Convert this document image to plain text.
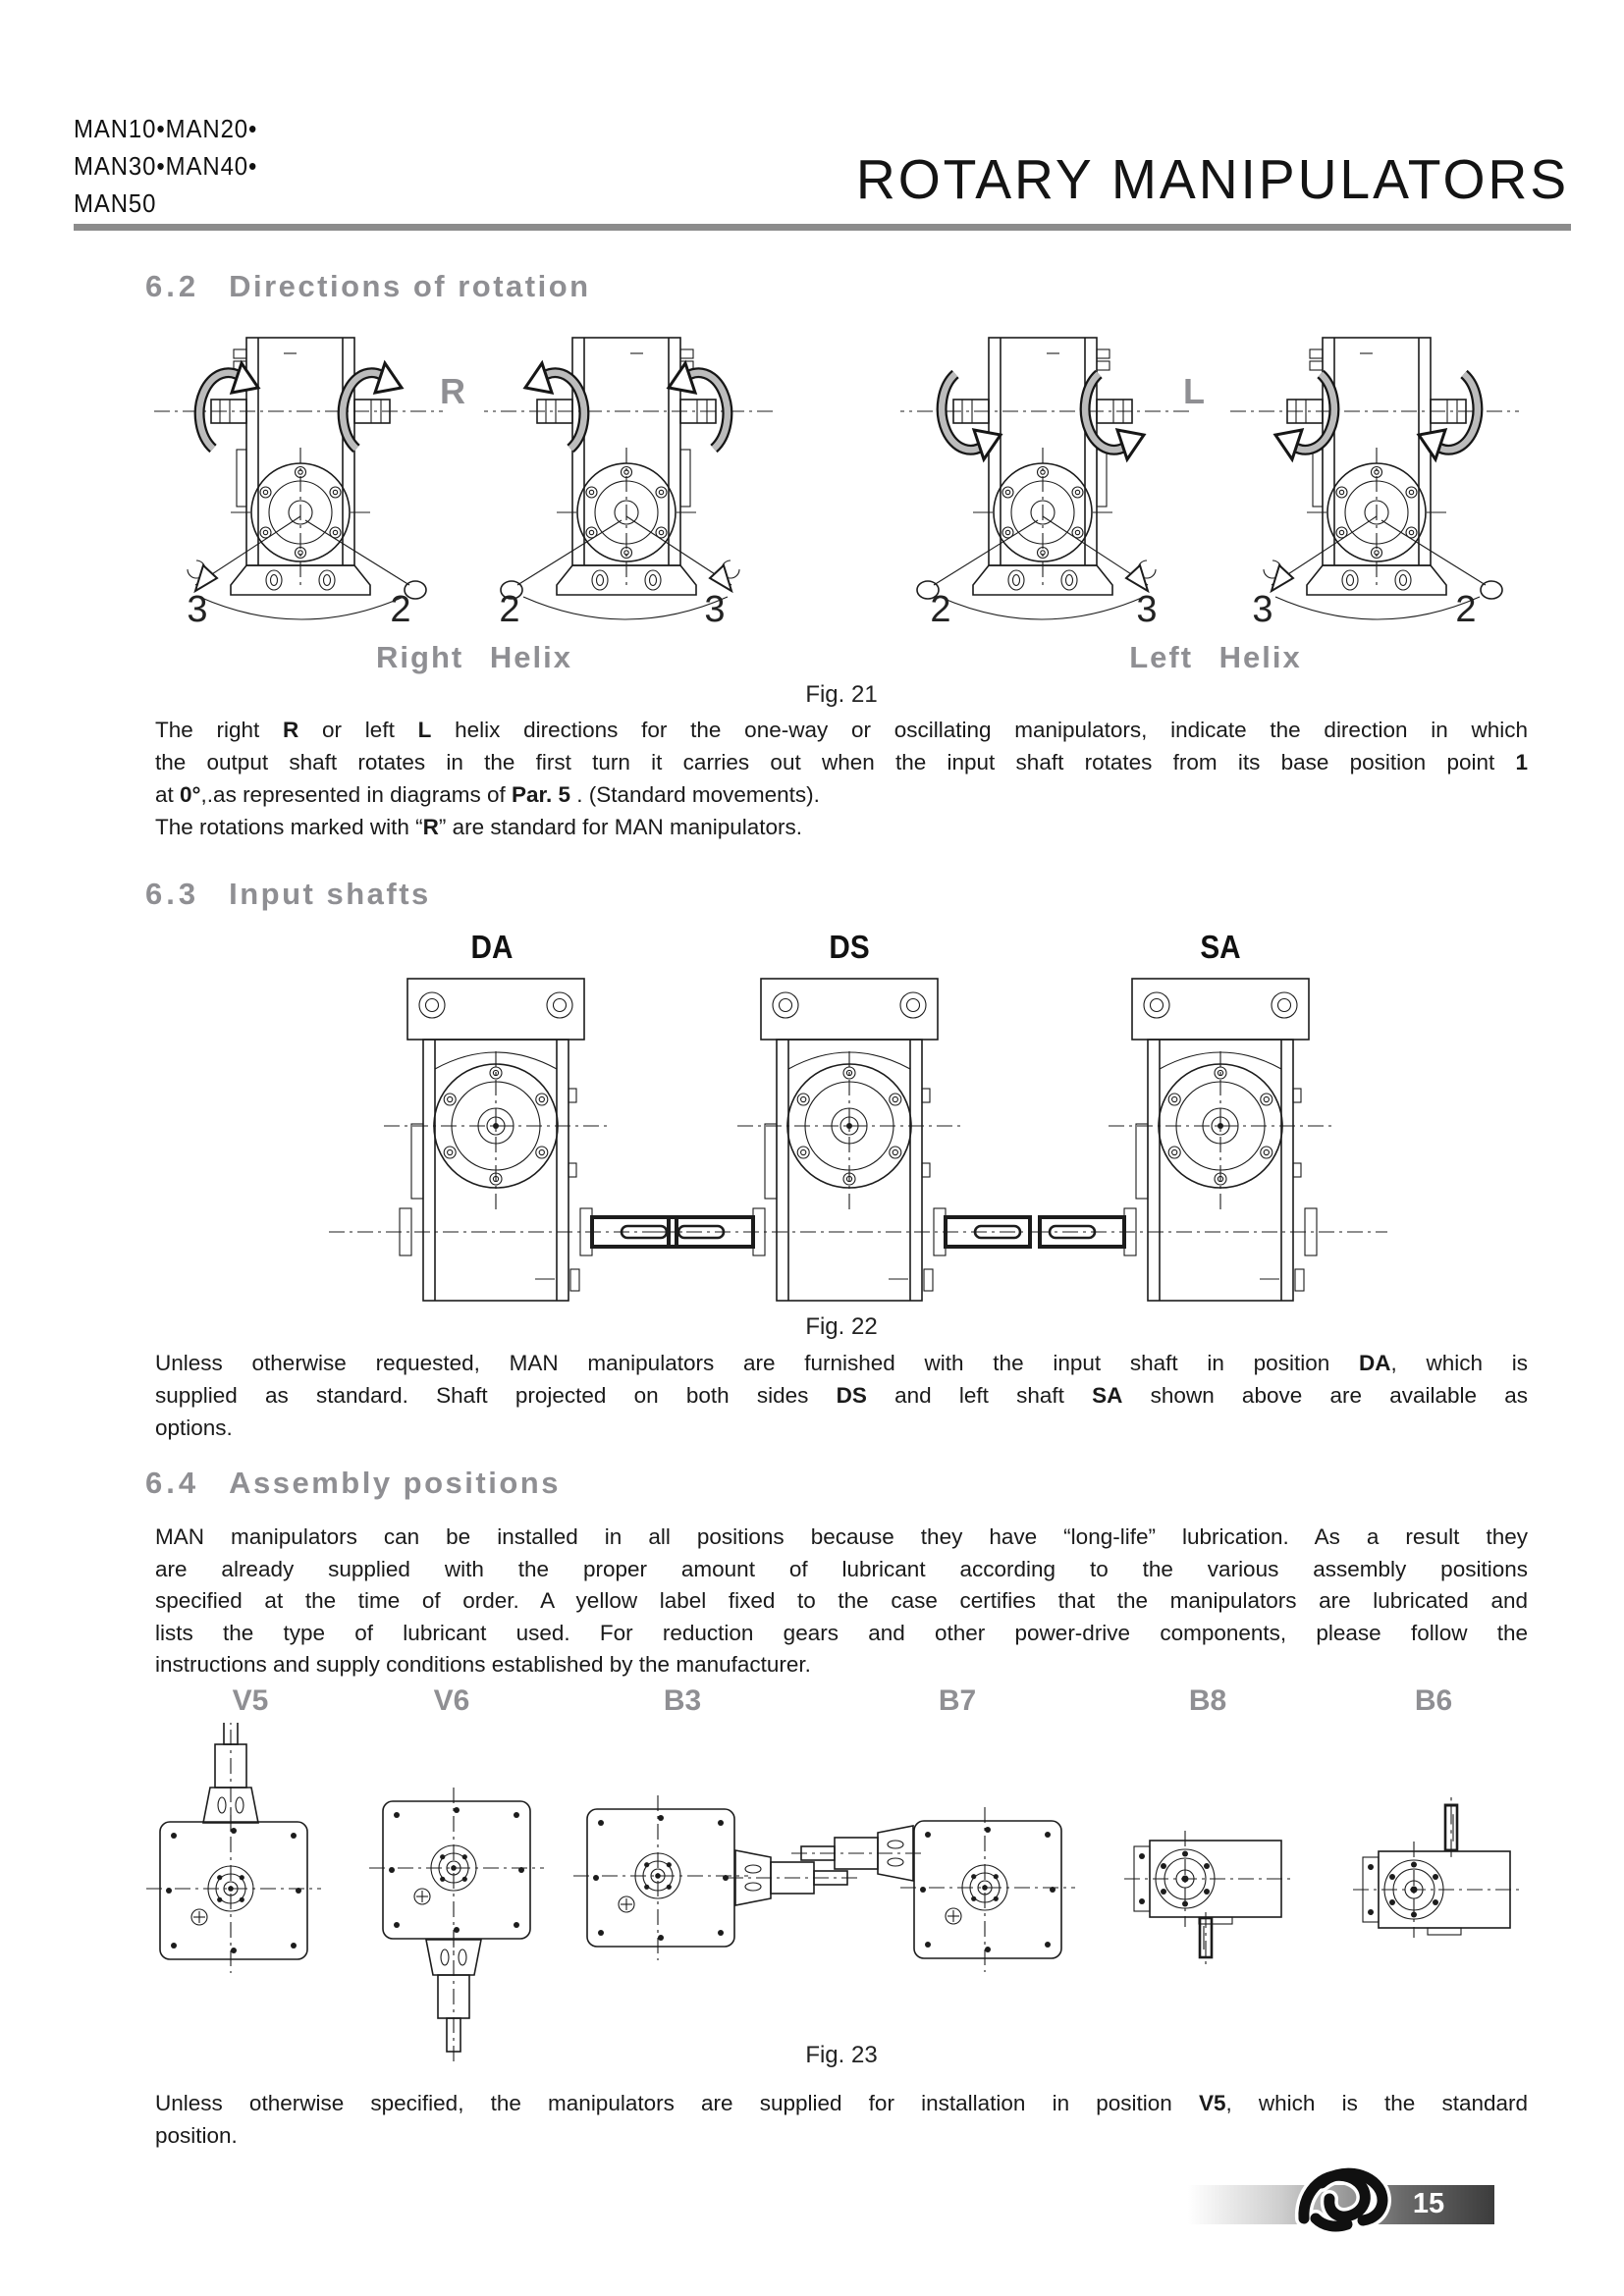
MAN10•MAN20•
MAN30•MAN40•
MAN50	ROTARY MANIPULATORS
6.2 Directions of rotation
R	L
3	2	2	3	2	3	3	2
Right Helix	Left Helix
Fig. 21
The right R or left L helix directions for the one-way or oscillating manipulators, indicate the direction in which
the output shaft rotates in the first turn it carries out when the input shaft rotates from its base position point 1
at 0°,.as represented in diagrams of Par. 5 . (Standard movements).
The rotations marked with “R” are standard for MAN manipulators.
6.3 Input shafts
DA	DS	SA
Fig. 22
Unless otherwise requested, MAN manipulators are furnished with the input shaft in position DA, which is
supplied as standard. Shaft projected on both sides DS and left shaft SA shown above are available as
options.
6.4 Assembly positions
MAN manipulators can be installed in all positions because they have “long-life” lubrication. As a result they
are already supplied with the proper amount of lubricant according to the various assembly positions
specified at the time of order. A yellow label fixed to the case certifies that the manipulators are lubricated and
lists the type of lubricant used. For reduction gears and other power-drive components, please follow the
instructions and supply conditions established by the manufacturer.
V5	V6	B3	B7	B8	B6
Fig. 23
Unless otherwise specified, the manipulators are supplied for installation in position V5, which is the standard
position.
15
